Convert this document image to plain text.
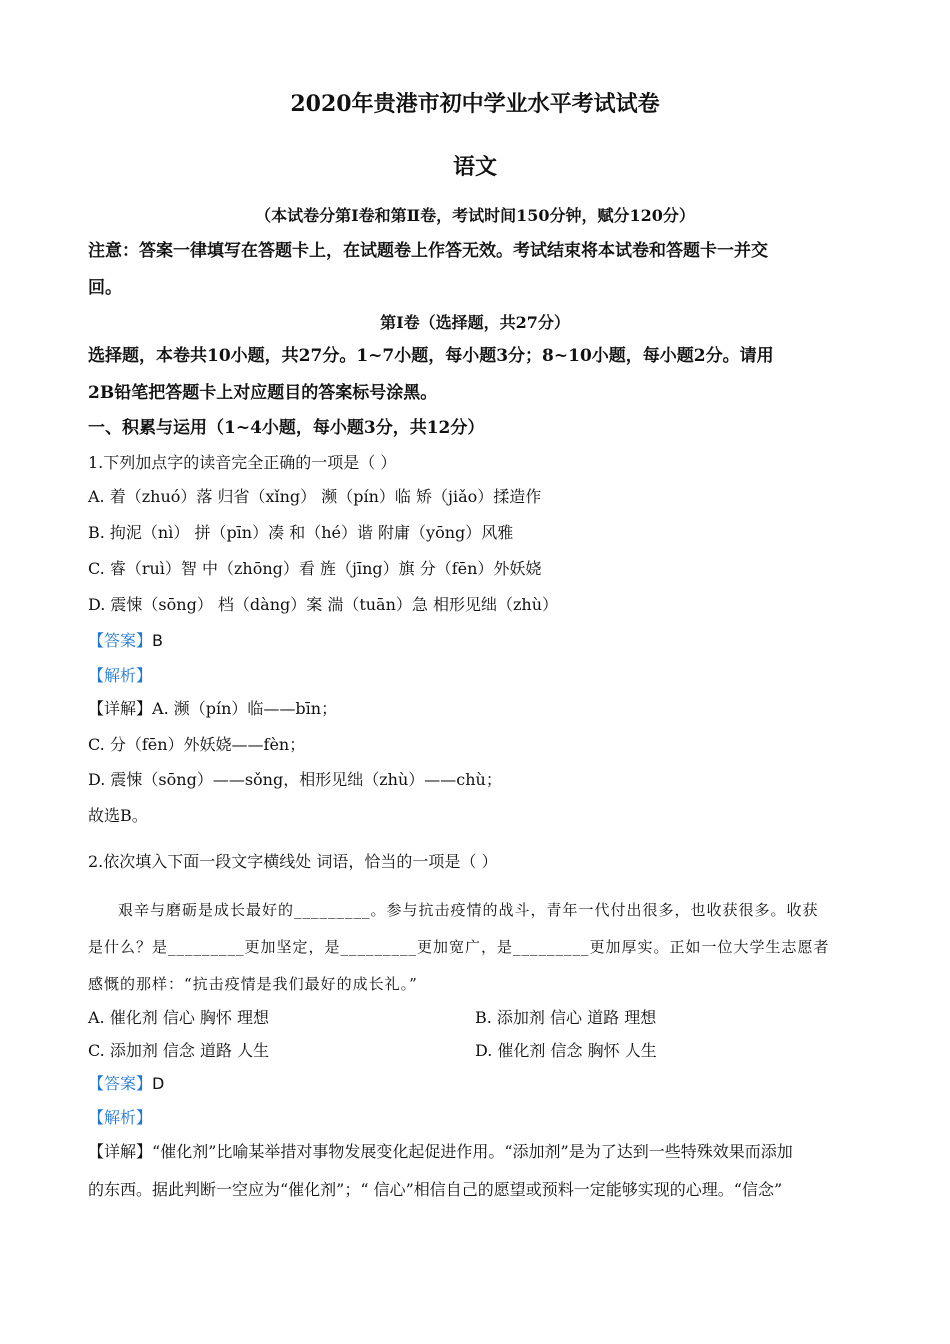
2020年贵港市初中学业水平考试试卷
语文
（本试卷分第Ⅰ卷和第Ⅱ卷，考试时间150分钟，赋分120分）
注意：答案一律填写在答题卡上，在试题卷上作答无效。考试结束将本试卷和答题卡一并交
回。
第Ⅰ卷（选择题，共27分）
选择题，本卷共10小题，共27分。1~7小题，每小题3分；8~10小题，每小题2分。请用
2B铅笔把答题卡上对应题目的答案标号涂黑。
一、积累与运用（1~4小题，每小题3分，共12分）
1.下列加点字的读音完全正确的一项是（ ）
A. 着（zhuó）落 归省（xǐng） 濒（pín）临 矫（jiǎo）揉造作
B. 拘泥（nì） 拼（pīn）凑 和（hé）谐 附庸（yōng）风雅
C. 睿（ruì）智 中（zhōng）看 旌（jīng）旗 分（fēn）外妖娆
D. 震悚（sōng） 档（dàng）案 湍（tuān）急 相形见绌（zhù）
【答案】B
【解析】
【详解】A. 濒（pín）临——bīn；
C. 分（fēn）外妖娆——fèn；
D. 震悚（sōng）——sǒng，相形见绌（zhù）——chù；
故选B。
2.依次填入下面一段文字横线处 词语，恰当的一项是（ ）
艰辛与磨砺是成长最好的_________。参与抗击疫情的战斗，青年一代付出很多，也收获很多。收获
是什么？是_________更加坚定，是_________更加宽广，是_________更加厚实。正如一位大学生志愿者
感慨的那样：“抗击疫情是我们最好的成长礼。”
A. 催化剂 信心 胸怀 理想	B. 添加剂 信心 道路 理想
C. 添加剂 信念 道路 人生	D. 催化剂 信念 胸怀 人生
【答案】D
【解析】
【详解】“催化剂”比喻某举措对事物发展变化起促进作用。“添加剂”是为了达到一些特殊效果而添加
的东西。据此判断一空应为“催化剂”；“ 信心”相信自己的愿望或预料一定能够实现的心理。“信念”
